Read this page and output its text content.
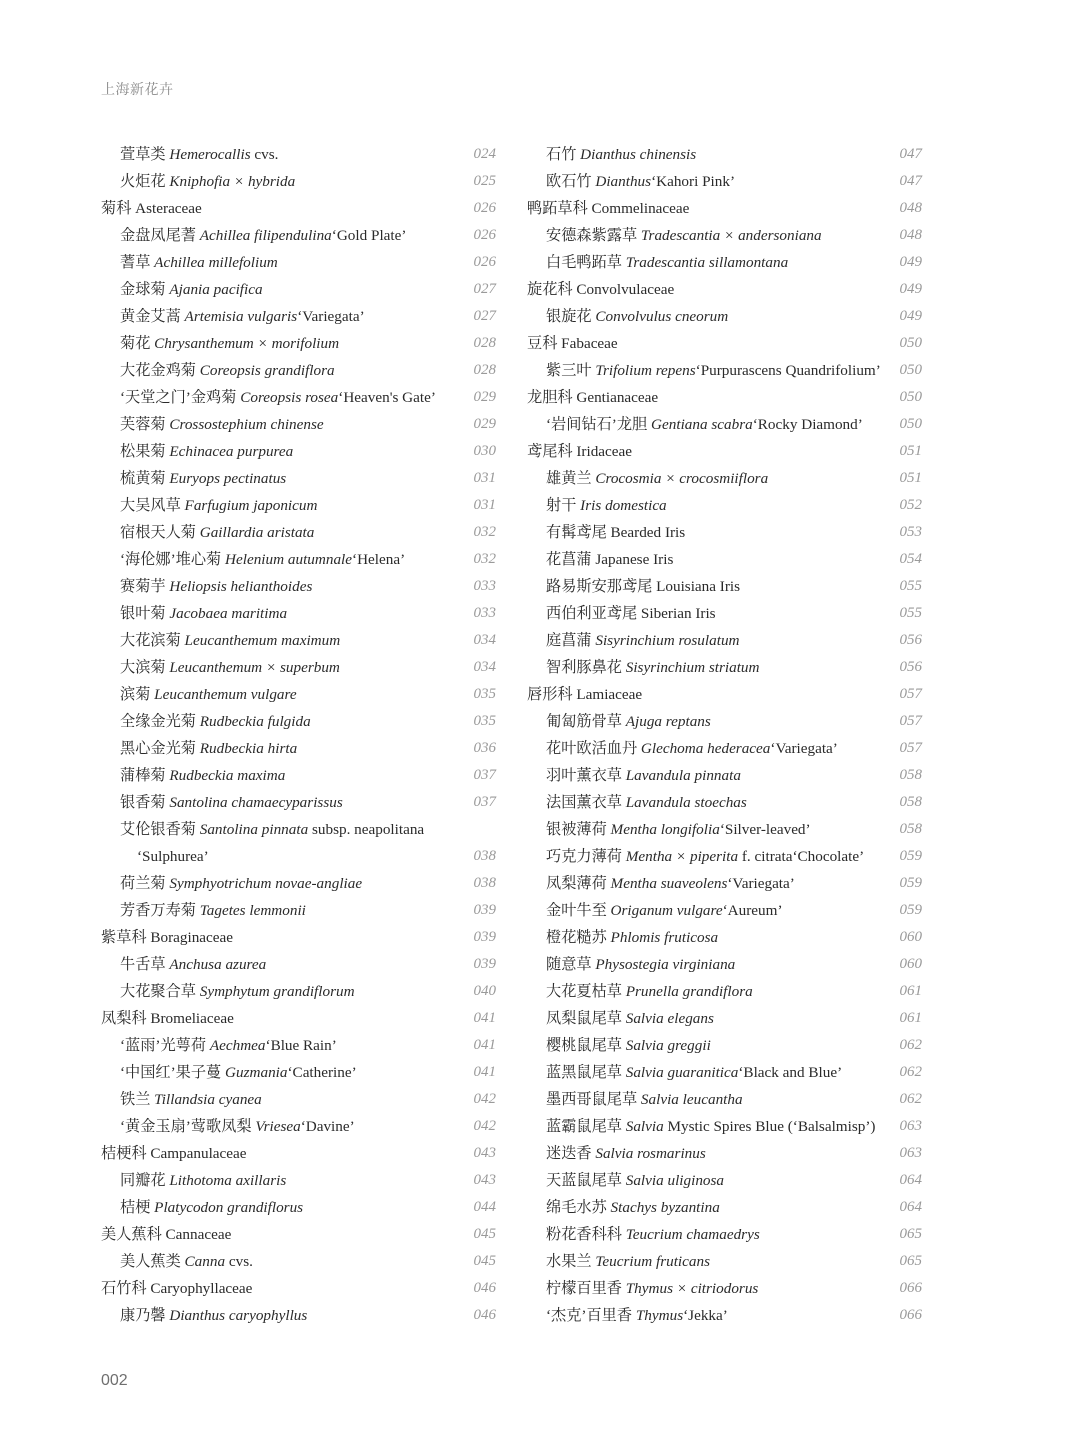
上海新花卉
萱草类 Hemerocallis cvs.	024
火炬花 Kniphofia × hybrida	025
菊科 Asteraceae	026
金盘凤尾蓍 Achillea filipendulina‘Gold Plate’	026
蓍草 Achillea millefolium	026
金球菊 Ajania pacifica	027
黄金艾蒿 Artemisia vulgaris‘Variegata’	027
菊花 Chrysanthemum × morifolium	028
大花金鸡菊 Coreopsis grandiflora	028
‘天堂之门’金鸡菊 Coreopsis rosea‘Heaven's Gate’	029
芙蓉菊 Crossostephium chinense	029
松果菊 Echinacea purpurea	030
梳黄菊 Euryops pectinatus	031
大吴风草 Farfugium japonicum	031
宿根天人菊 Gaillardia aristata	032
‘海伦娜’堆心菊 Helenium autumnale‘Helena’	032
赛菊芋 Heliopsis helianthoides	033
银叶菊 Jacobaea maritima	033
大花滨菊 Leucanthemum maximum	034
大滨菊 Leucanthemum × superbum	034
滨菊 Leucanthemum vulgare	035
全缘金光菊 Rudbeckia fulgida	035
黑心金光菊 Rudbeckia hirta	036
蒲棒菊 Rudbeckia maxima	037
银香菊 Santolina chamaecyparissus	037
艾伦银香菊 Santolina pinnata subsp. neapolitana
‘Sulphurea’	038
荷兰菊 Symphyotrichum novae-angliae	038
芳香万寿菊 Tagetes lemmonii	039
紫草科 Boraginaceae	039
牛舌草 Anchusa azurea	039
大花聚合草 Symphytum grandiflorum	040
凤梨科 Bromeliaceae	041
‘蓝雨’光萼荷 Aechmea‘Blue Rain’	041
‘中国红’果子蔓 Guzmania‘Catherine’	041
铁兰 Tillandsia cyanea	042
‘黄金玉扇’莺歌凤梨 Vriesea‘Davine’	042
桔梗科 Campanulaceae	043
同瓣花 Lithotoma axillaris	043
桔梗 Platycodon grandiflorus	044
美人蕉科 Cannaceae	045
美人蕉类 Canna cvs.	045
石竹科 Caryophyllaceae	046
康乃馨 Dianthus caryophyllus	046
石竹 Dianthus chinensis	047
欧石竹 Dianthus‘Kahori Pink’	047
鸭跖草科 Commelinaceae	048
安德森紫露草 Tradescantia × andersoniana	048
白毛鸭跖草 Tradescantia sillamontana	049
旋花科 Convolvulaceae	049
银旋花 Convolvulus cneorum	049
豆科 Fabaceae	050
紫三叶 Trifolium repens‘Purpurascens Quandrifolium’ 050
龙胆科 Gentianaceae	050
‘岩间钻石’龙胆 Gentiana scabra‘Rocky Diamond’ 050
鸢尾科 Iridaceae	051
雄黄兰 Crocosmia × crocosmiiflora	051
射干 Iris domestica	052
有髯鸢尾 Bearded Iris	053
花菖蒲 Japanese Iris	054
路易斯安那鸢尾 Louisiana Iris	055
西伯利亚鸢尾 Siberian Iris	055
庭菖蒲 Sisyrinchium rosulatum	056
智利豚鼻花 Sisyrinchium striatum	056
唇形科 Lamiaceae	057
匍匐筋骨草 Ajuga reptans	057
花叶欧活血丹 Glechoma hederacea‘Variegata’	057
羽叶薰衣草 Lavandula pinnata	058
法国薰衣草 Lavandula stoechas	058
银被薄荷 Mentha longifolia‘Silver-leaved’	058
巧克力薄荷 Mentha × piperita f. citrata‘Chocolate’ 059
凤梨薄荷 Mentha suaveolens‘Variegata’	059
金叶牛至 Origanum vulgare‘Aureum’	059
橙花糙苏 Phlomis fruticosa	060
随意草 Physostegia virginiana	060
大花夏枯草 Prunella grandiflora	061
凤梨鼠尾草 Salvia elegans	061
樱桃鼠尾草 Salvia greggii	062
蓝黑鼠尾草 Salvia guaranitica‘Black and Blue’	062
墨西哥鼠尾草 Salvia leucantha	062
蓝霸鼠尾草 Salvia Mystic Spires Blue (‘Balsalmisp’) 063
迷迭香 Salvia rosmarinus	063
天蓝鼠尾草 Salvia uliginosa	064
绵毛水苏 Stachys byzantina	064
粉花香科科 Teucrium chamaedrys	065
水果兰 Teucrium fruticans	065
柠檬百里香 Thymus × citriodorus	066
‘杰克’百里香 Thymus‘Jekka’	066
002
